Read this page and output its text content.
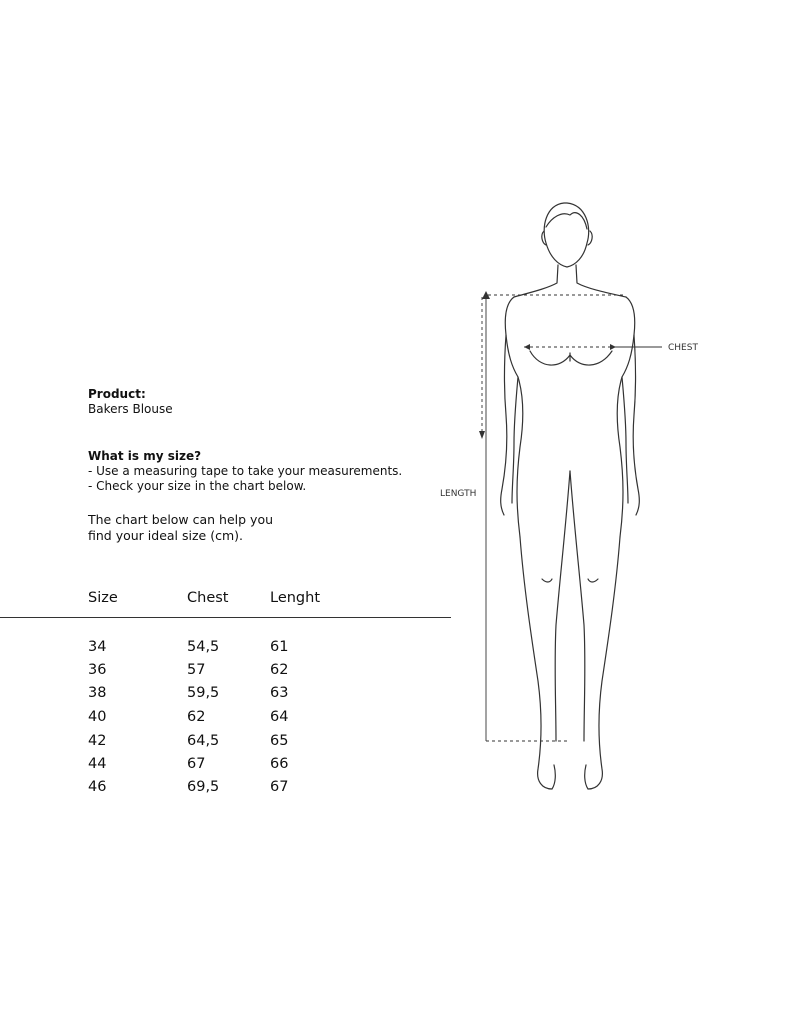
Product:
Bakers Blouse
What is my size?
- Use a measuring tape to take your measurements.
- Check your size in the chart below.
The chart below can help you
find your ideal size (cm).
Size	Chest	Lenght
34	54,5	61
36	57	62
38	59,5	63
40	62	64
42	64,5	65
44	67	66
46	69,5	67
CHEST
LENGTH
